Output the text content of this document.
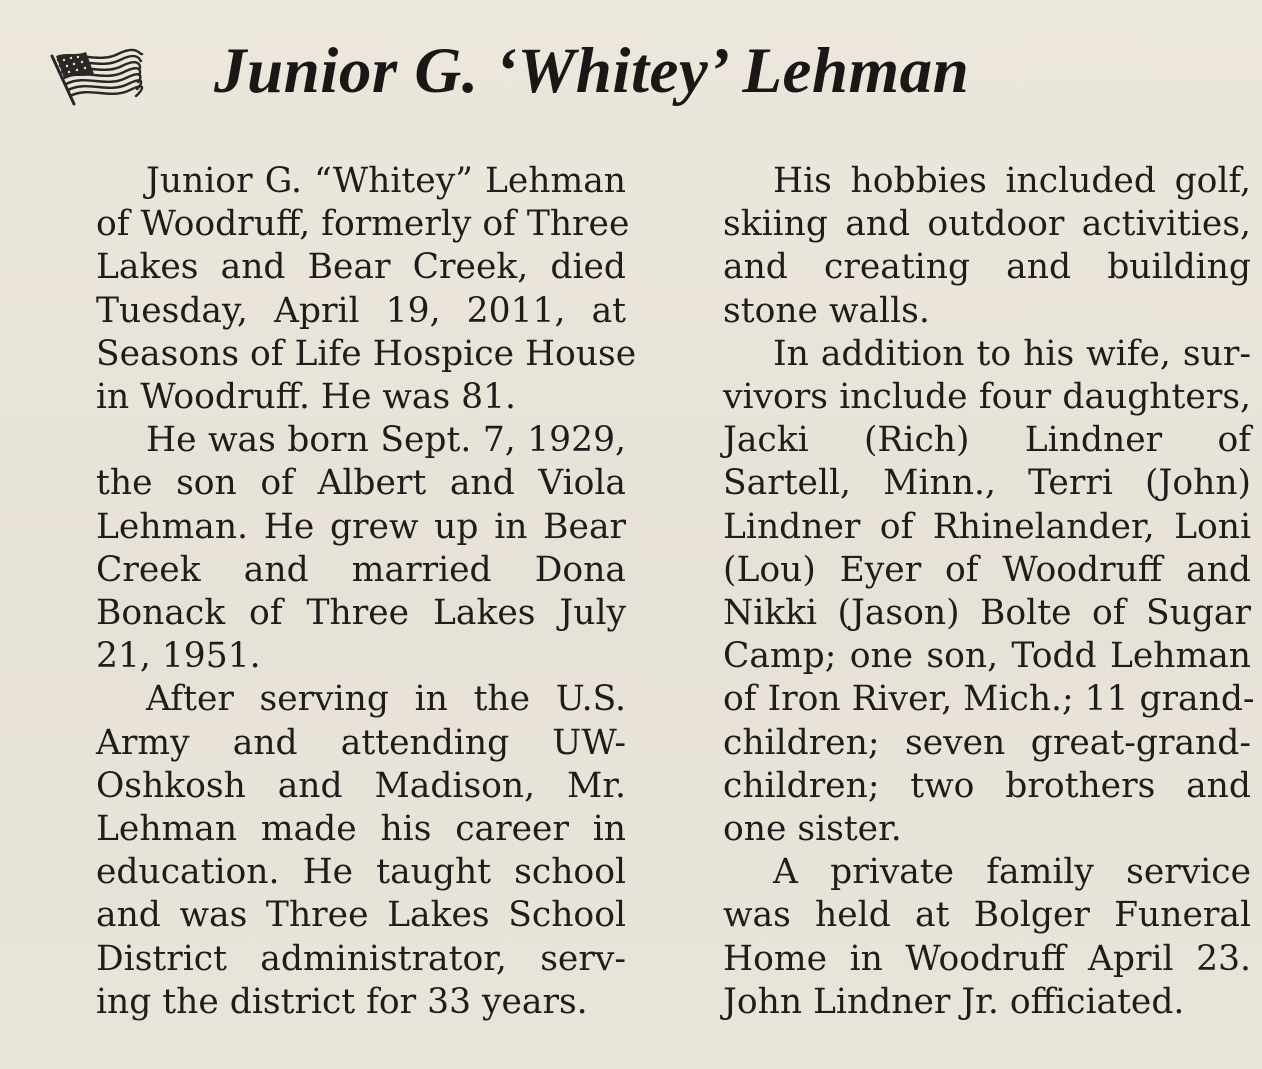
Junior G. ‘Whitey’ Lehman

Junior G. “Whitey” Lehman
of Woodruff, formerly of Three
Lakes and Bear Creek, died
Tuesday, April 19, 2011, at
Seasons of Life Hospice House
in Woodruff. He was 81.

He was born Sept. 7, 1929,
the son of Albert and Viola
Lehman. He grew up in Bear
Creek and married Dona
Bonack of Three Lakes July
21, 1951.

After serving in the U.S.
Army and attending UW-
Oshkosh and Madison, Mr.
Lehman made his career in
education. He taught school
and was Three Lakes School
District administrator, serv-
ing the district for 33 years.

His hobbies included golf,
skiing and outdoor activities,
and creating and building
stone walls.

In addition to his wife, sur-
vivors include four daughters,
Jacki (Rich) Lindner of
Sartell, Minn., Terri (John)
Lindner of Rhinelander, Loni
(Lou) Eyer of Woodruff and
Nikki (Jason) Bolte of Sugar
Camp; one son, Todd Lehman
of Iron River, Mich.; 11 grand-
children; seven great-grand-
children; two brothers and
one sister.

A private family service
was held at Bolger Funeral
Home in Woodruff April 23.
John Lindner Jr. officiated.
